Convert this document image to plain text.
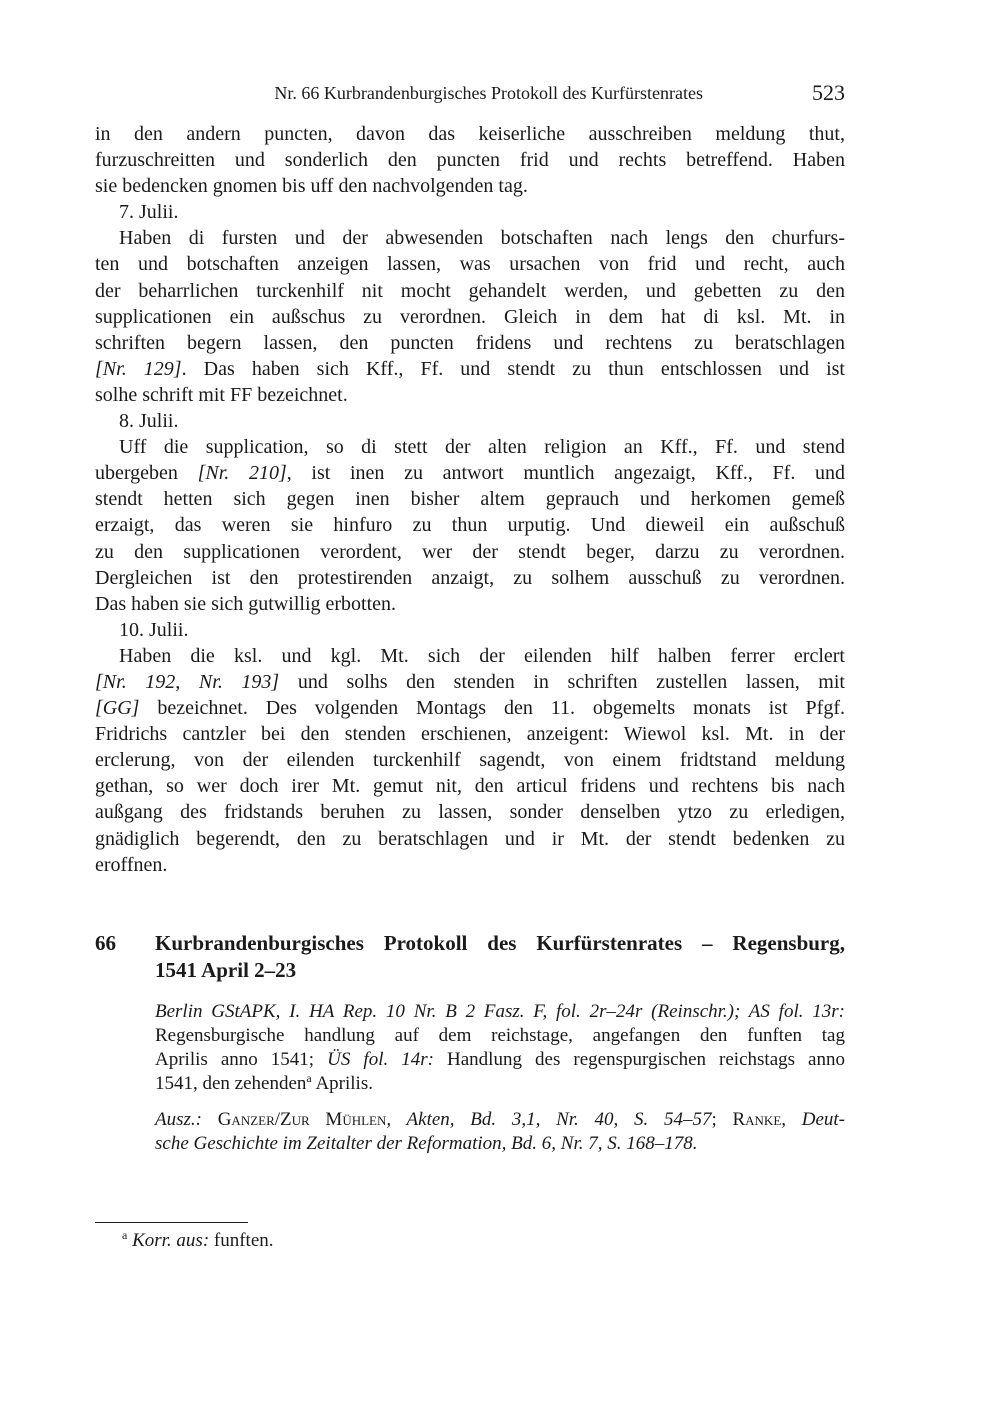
Nr. 66 Kurbrandenburgisches Protokoll des Kurfürstenrates	523
in den andern puncten, davon das keiserliche ausschreiben meldung thut,
furzuschreitten und sonderlich den puncten frid und rechts betreffend. Haben
sie bedencken gnomen bis uff den nachvolgenden tag.
7. Julii.
Haben di fursten und der abwesenden botschaften nach lengs den churfurs-
ten und botschaften anzeigen lassen, was ursachen von frid und recht, auch
der beharrlichen turckenhilf nit mocht gehandelt werden, und gebetten zu den
supplicationen ein außschus zu verordnen. Gleich in dem hat di ksl. Mt. in
schriften begern lassen, den puncten fridens und rechtens zu beratschlagen
[Nr. 129]. Das haben sich Kff., Ff. und stendt zu thun entschlossen und ist
solhe schrift mit FF bezeichnet.
8. Julii.
Uff die supplication, so di stett der alten religion an Kff., Ff. und stend
ubergeben [Nr. 210], ist inen zu antwort muntlich angezaigt, Kff., Ff. und
stendt hetten sich gegen inen bisher altem geprauch und herkomen gemeß
erzaigt, das weren sie hinfuro zu thun urputig. Und dieweil ein außschuß
zu den supplicationen verordent, wer der stendt beger, darzu zu verordnen.
Dergleichen ist den protestirenden anzaigt, zu solhem ausschuß zu verordnen.
Das haben sie sich gutwillig erbotten.
10. Julii.
Haben die ksl. und kgl. Mt. sich der eilenden hilf halben ferrer erclert
[Nr. 192, Nr. 193] und solhs den stenden in schriften zustellen lassen, mit
[GG] bezeichnet. Des volgenden Montags den 11. obgemelts monats ist Pfgf.
Fridrichs cantzler bei den stenden erschienen, anzeigent: Wiewol ksl. Mt. in der
erclerung, von der eilenden turckenhilf sagendt, von einem fridtstand meldung
gethan, so wer doch irer Mt. gemut nit, den articul fridens und rechtens bis nach
außgang des fridstands beruhen zu lassen, sonder denselben ytzo zu erledigen,
gnädiglich begerendt, den zu beratschlagen und ir Mt. der stendt bedenken zu
eroffnen.
66 Kurbrandenburgisches Protokoll des Kurfürstenrates – Regensburg,
1541 April 2–23
Berlin GStAPK, I. HA Rep. 10 Nr. B 2 Fasz. F, fol. 2r–24r (Reinschr.); AS fol. 13r:
Regensburgische handlung auf dem reichstage, angefangen den funften tag
Aprilis anno 1541; ÜS fol. 14r: Handlung des regenspurgischen reichstags anno
1541, den zehenden$^a$ Aprilis.
Ausz.: Ganzer/Zur Mühlen, Akten, Bd. 3,1, Nr. 40, S. 54–57; Ranke, Deut-
sche Geschichte im Zeitalter der Reformation, Bd. 6, Nr. 7, S. 168–178.
$^a$ Korr. aus: funften.
